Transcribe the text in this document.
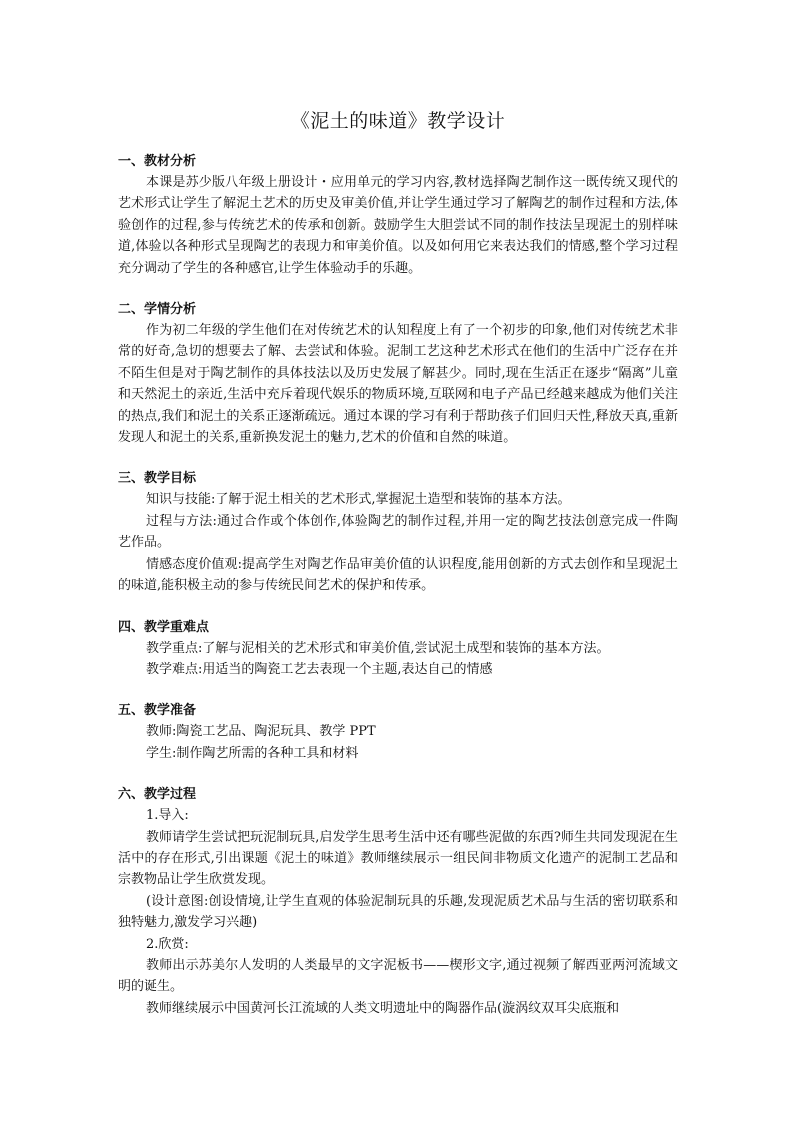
《泥土的味道》教学设计
一、教材分析

本课是苏少版八年级上册设计・应用单元的学习内容,教材选择陶艺制作这一既传统又现代的艺术形式让学生了解泥土艺术的历史及审美价值,并让学生通过学习了解陶艺的制作过程和方法,体验创作的过程,参与传统艺术的传承和创新。鼓励学生大胆尝试不同的制作技法呈现泥土的别样味道,体验以各种形式呈现陶艺的表现力和审美价值。以及如何用它来表达我们的情感,整个学习过程充分调动了学生的各种感官,让学生体验动手的乐趣。

二、学情分析

作为初二年级的学生他们在对传统艺术的认知程度上有了一个初步的印象,他们对传统艺术非常的好奇,急切的想要去了解、去尝试和体验。泥制工艺这种艺术形式在他们的生活中广泛存在并不陌生但是对于陶艺制作的具体技法以及历史发展了解甚少。同时,现在生活正在逐步“隔离”儿童和天然泥土的亲近,生活中充斥着现代娱乐的物质环境,互联网和电子产品已经越来越成为他们关注的热点,我们和泥土的关系正逐渐疏远。通过本课的学习有利于帮助孩子们回归天性,释放天真,重新发现人和泥土的关系,重新换发泥土的魅力,艺术的价值和自然的味道。

三、教学目标

知识与技能:了解于泥土相关的艺术形式,掌握泥土造型和装饰的基本方法。

过程与方法:通过合作或个体创作,体验陶艺的制作过程,并用一定的陶艺技法创意完成一件陶艺作品。

情感态度价值观:提高学生对陶艺作品审美价值的认识程度,能用创新的方式去创作和呈现泥土的味道,能积极主动的参与传统民间艺术的保护和传承。

四、教学重难点

教学重点:了解与泥相关的艺术形式和审美价值,尝试泥土成型和装饰的基本方法。

教学难点:用适当的陶瓷工艺去表现一个主题,表达自己的情感

五、教学准备

教师:陶瓷工艺品、陶泥玩具、教学 PPT

学生:制作陶艺所需的各种工具和材料

六、教学过程

1.导入:

教师请学生尝试把玩泥制玩具,启发学生思考生活中还有哪些泥做的东西?师生共同发现泥在生活中的存在形式,引出课题《泥土的味道》教师继续展示一组民间非物质文化遗产的泥制工艺品和宗教物品让学生欣赏发现。

(设计意图:创设情境,让学生直观的体验泥制玩具的乐趣,发现泥质艺术品与生活的密切联系和独特魅力,激发学习兴趣)

2.欣赏:

教师出示苏美尔人发明的人类最早的文字泥板书——楔形文字,通过视频了解西亚两河流域文明的诞生。

教师继续展示中国黄河长江流域的人类文明遗址中的陶器作品(漩涡纹双耳尖底瓶和
